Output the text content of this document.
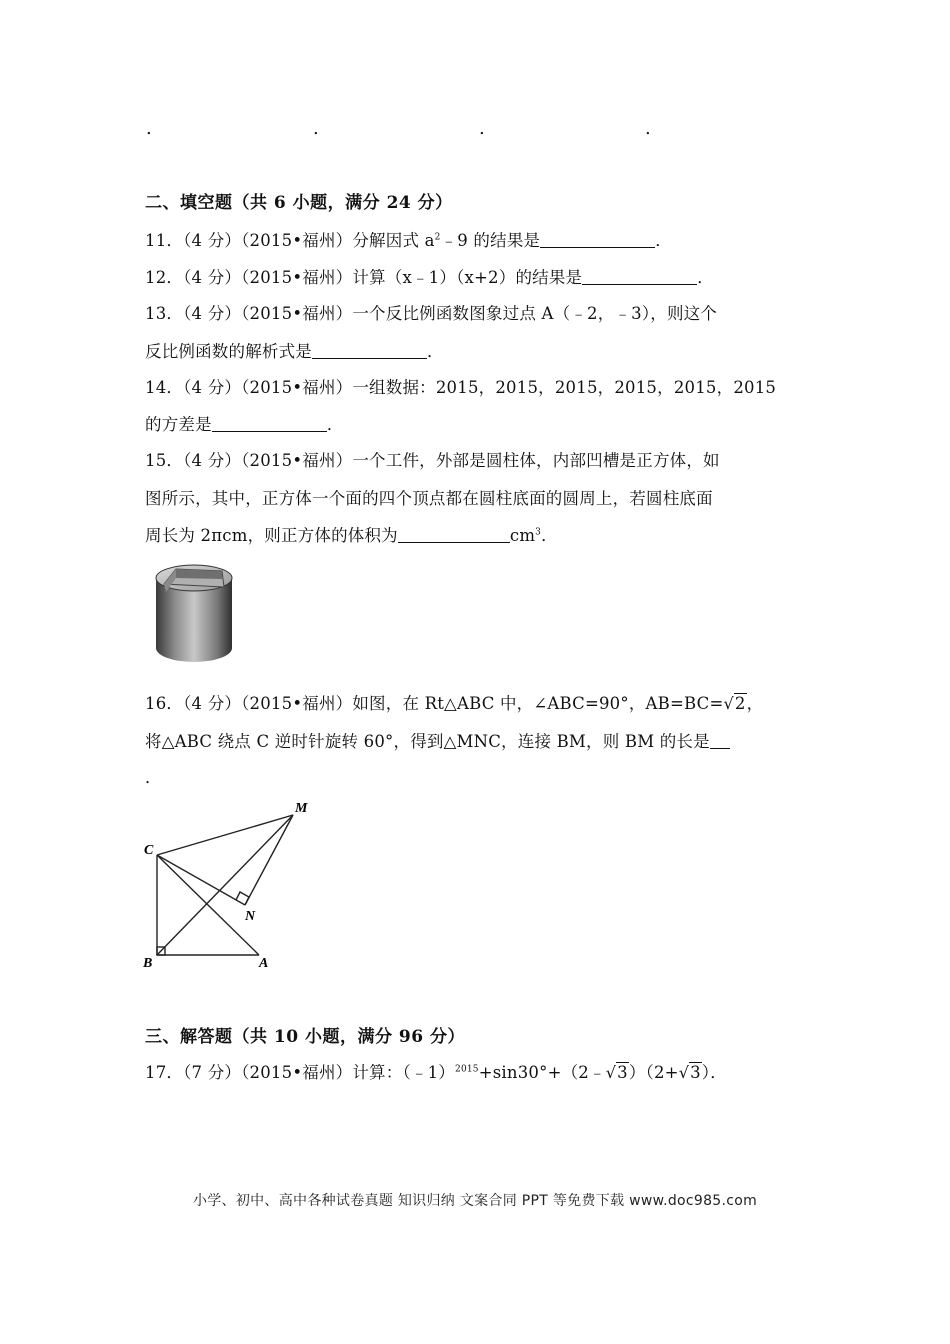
.	.	.	.
二、填空题（共 6 小题，满分 24 分）
11．（4 分）（2015•福州）分解因式 $a^2﹣9$ 的结果是	．
12．（4 分）（2015•福州）计算（x﹣1）（x+2）的结果是	．
13．（4 分）（2015•福州）一个反比例函数图象过点 A（﹣2，﹣3），则这个
反比例函数的解析式是	．
14．（4 分）（2015•福州）一组数据：2015，2015，2015，2015，2015，2015
的方差是	．
15．（4 分）（2015•福州）一个工件，外部是圆柱体，内部凹槽是正方体，如
图所示，其中，正方体一个面的四个顶点都在圆柱底面的圆周上，若圆柱底面
周长为 2πcm，则正方体的体积为	$cm^3$．
16．（4 分）（2015•福州）如图，在 Rt△ABC 中，∠ABC=90°，AB=BC=√2，
将△ABC 绕点 C 逆时针旋转 60°，得到△MNC，连接 BM，则 BM 的长是
．
M
C
N
B	A
三、解答题（共 10 小题，满分 96 分）
17．（7 分）（2015•福州）计算：（﹣1）$^{2015}$+sin30°+（2﹣√3）（2+√3）．
小学、初中、高中各种试卷真题 知识归纳 文案合同 PPT 等免费下载 www.doc985.com
